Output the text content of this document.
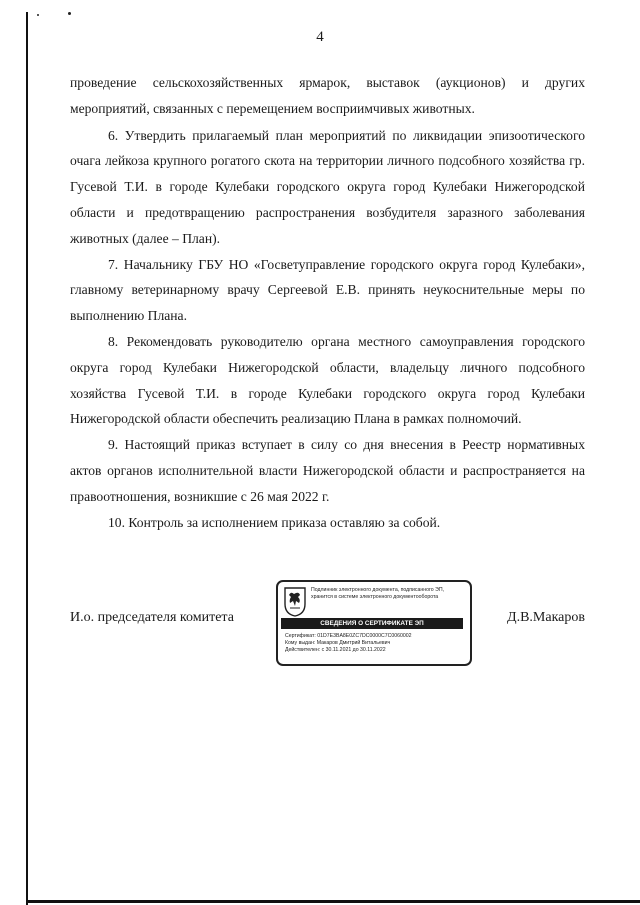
4

проведение сельскохозяйственных ярмарок, выставок (аукционов) и других мероприятий, связанных с перемещением восприимчивых животных.

6. Утвердить прилагаемый план мероприятий по ликвидации эпизоотического очага лейкоза крупного рогатого скота на территории личного подсобного хозяйства гр. Гусевой Т.И. в городе Кулебаки городского округа город Кулебаки Нижегородской области и предотвращению распространения возбудителя заразного заболевания животных (далее – План).

7. Начальнику ГБУ НО «Госветуправление городского округа город Кулебаки», главному ветеринарному врачу Сергеевой Е.В. принять неукоснительные меры по выполнению Плана.

8. Рекомендовать руководителю органа местного самоуправления городского округа город Кулебаки Нижегородской области, владельцу личного подсобного хозяйства Гусевой Т.И. в городе Кулебаки городского округа город Кулебаки Нижегородской области обеспечить реализацию Плана в рамках полномочий.

9. Настоящий приказ вступает в силу со дня внесения в Реестр нормативных актов органов исполнительной власти Нижегородской области и распространяется на правоотношения, возникшие с 26 мая 2022 г.

10. Контроль за исполнением приказа оставляю за собой.

И.о. председателя комитета
Подлинник электронного документа, подписанного ЭП, хранится в системе электронного документооборота
СВЕДЕНИЯ О СЕРТИФИКАТЕ ЭП
Сертификат: 01D7E3BA8E0ZC7DC0000C7C0060002
Кому выдан: Макаров Дмитрий Витальевич
Действителен: с 30.11.2021 до 30.11.2022
Д.В.Макаров
